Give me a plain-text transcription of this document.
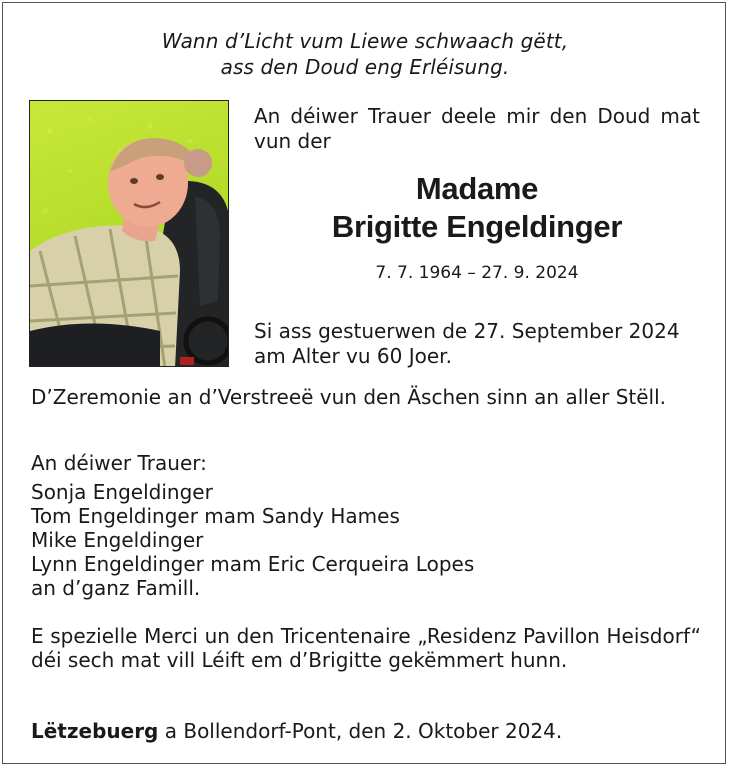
Wann d’Licht vum Liewe schwaach gëtt,
ass den Doud eng Erléisung.
An déiwer Trauer deele mir den Doud mat vun der
Madame
Brigitte Engeldinger
7. 7. 1964 – 27. 9. 2024
Si ass gestuerwen de 27. September 2024
am Alter vu 60 Joer.
D’Zeremonie an d’Verstreeë vun den Äschen sinn an aller Stëll.
An déiwer Trauer:
Sonja Engeldinger
Tom Engeldinger mam Sandy Hames
Mike Engeldinger
Lynn Engeldinger mam Eric Cerqueira Lopes
an d’ganz Famill.
E spezielle Merci un den Tricentenaire „Residenz Pavillon Heisdorf“ déi sech mat vill Léift em d’Brigitte gekëmmert hunn.
Lëtzebuerg a Bollendorf-Pont, den 2. Oktober 2024.
